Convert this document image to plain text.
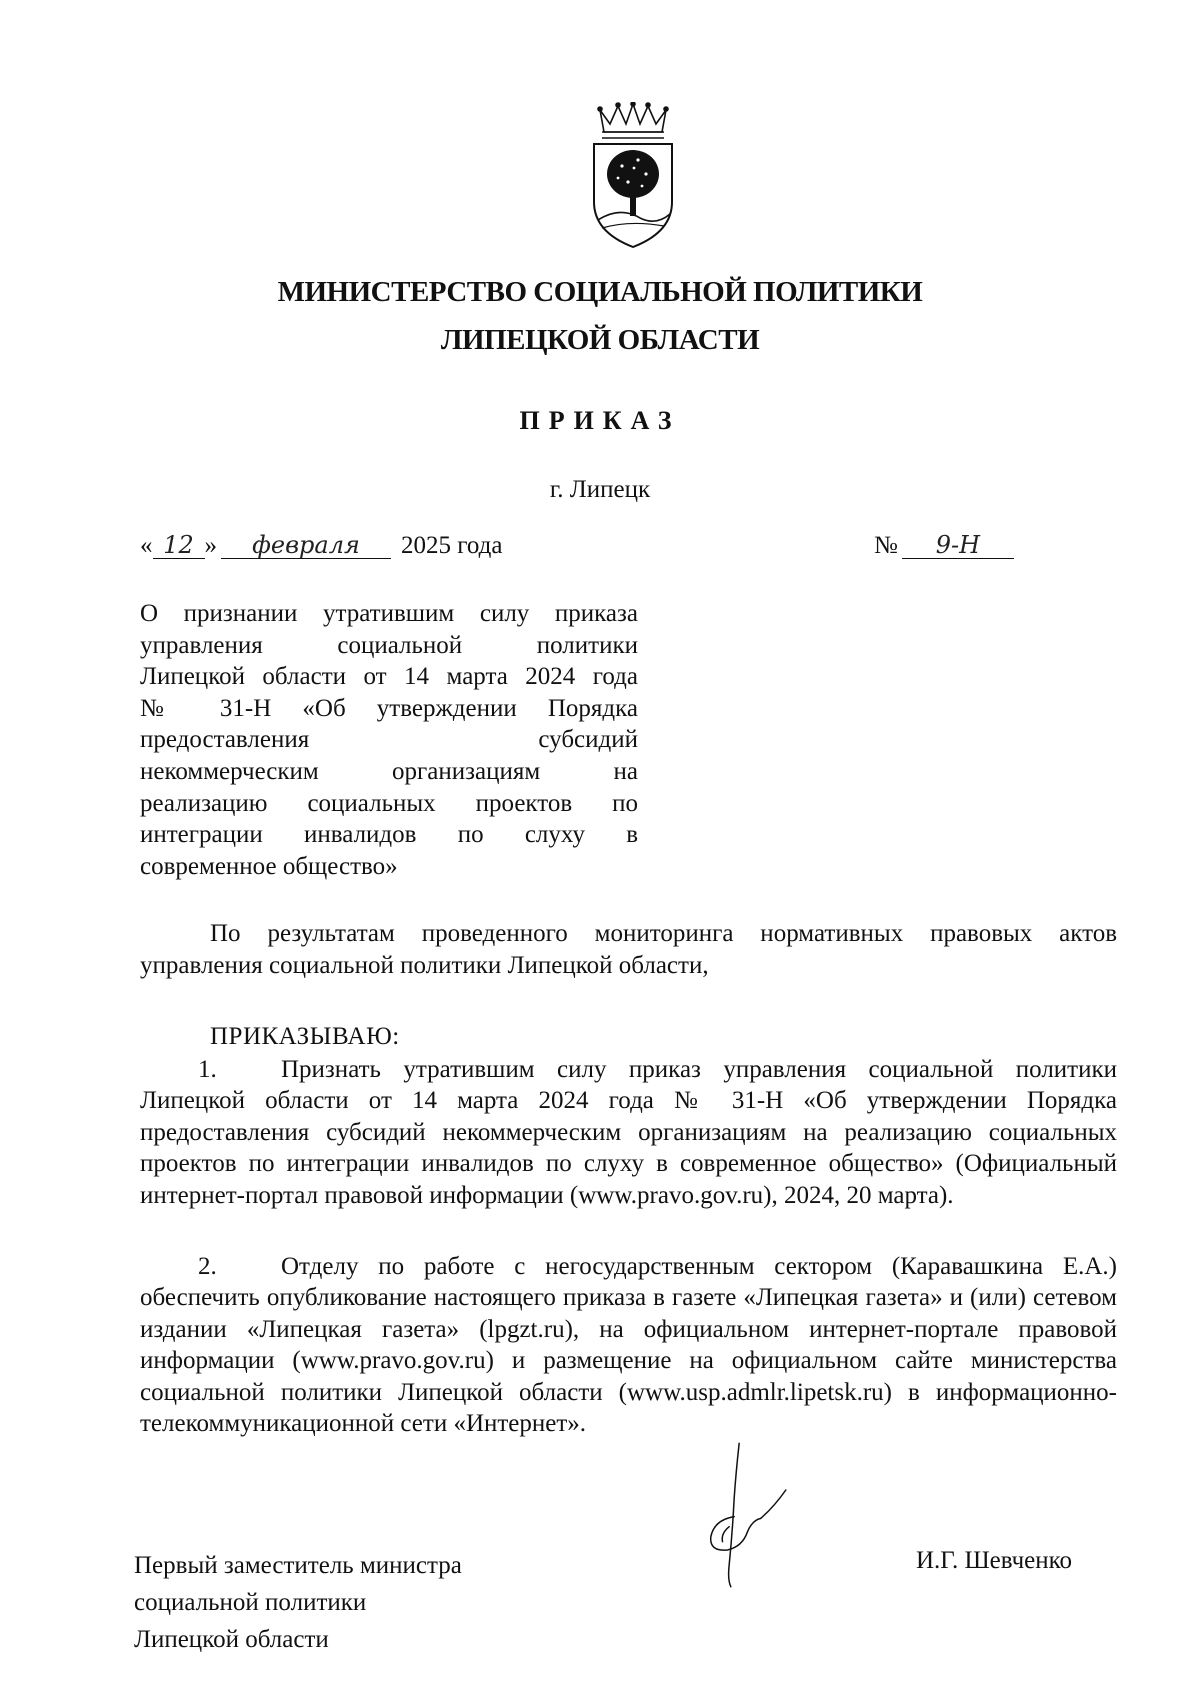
МИНИСТЕРСТВО СОЦИАЛЬНОЙ ПОЛИТИКИ
ЛИПЕЦКОЙ ОБЛАСТИ
ПРИКАЗ
г. Липецк
« 12 » февраля 2025 года	№ 9-Н
О признании утратившим силу приказа
управления социальной политики
Липецкой области от 14 марта 2024 года
№ 31-Н «Об утверждении Порядка
предоставления субсидий
некоммерческим организациям на
реализацию социальных проектов по
интеграции инвалидов по слуху в
современное общество»
По результатам проведенного мониторинга нормативных правовых актов управления социальной политики Липецкой области,
ПРИКАЗЫВАЮ:
1.	Признать утратившим силу приказ управления социальной политики Липецкой области от 14 марта 2024 года № 31-Н «Об утверждении Порядка предоставления субсидий некоммерческим организациям на реализацию социальных проектов по интеграции инвалидов по слуху в современное общество» (Официальный интернет-портал правовой информации (www.pravo.gov.ru), 2024, 20 марта).
2.	Отделу по работе с негосударственным сектором (Каравашкина Е.А.) обеспечить опубликование настоящего приказа в газете «Липецкая газета» и (или) сетевом издании «Липецкая газета» (lpgzt.ru), на официальном интернет-портале правовой информации (www.pravo.gov.ru) и размещение на официальном сайте министерства социальной политики Липецкой области (www.usp.admlr.lipetsk.ru) в информационно-телекоммуникационной сети «Интернет».
Первый заместитель министра
социальной политики
Липецкой области
И.Г. Шевченко
